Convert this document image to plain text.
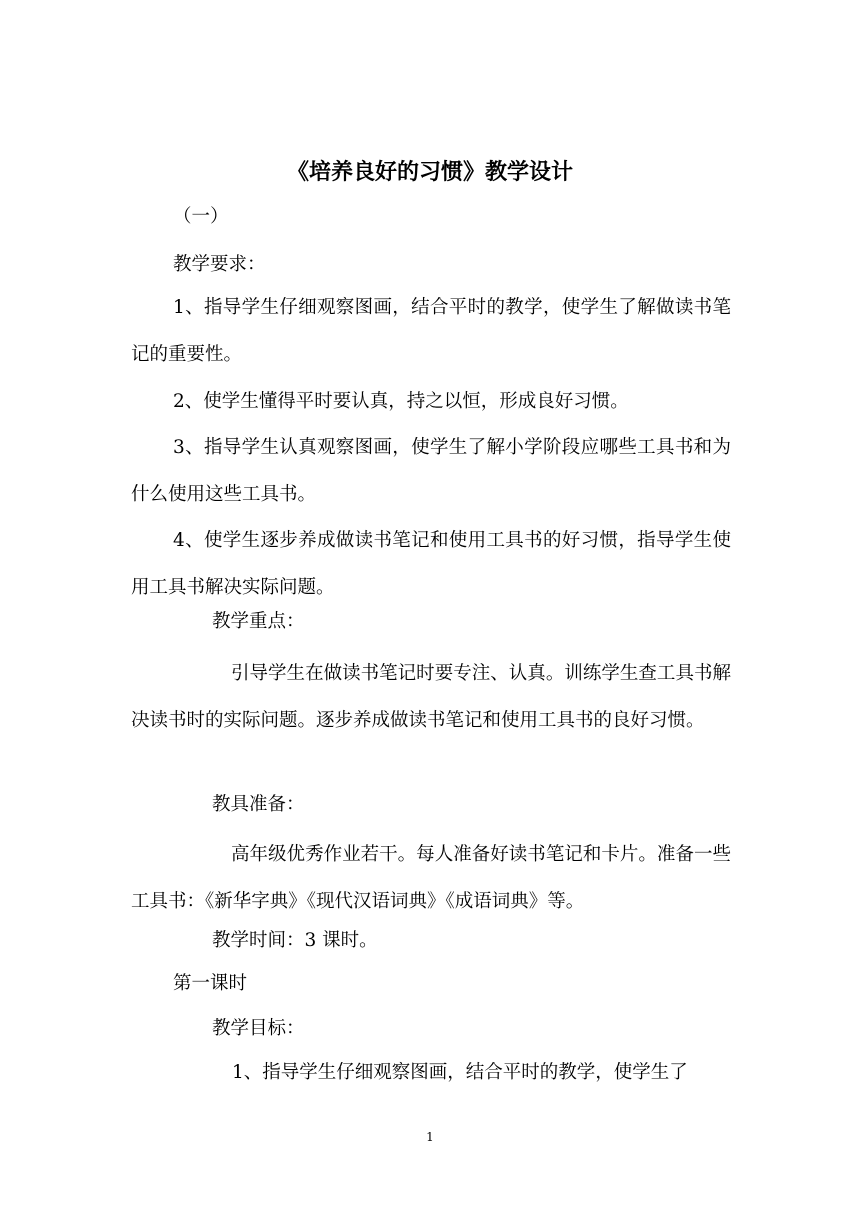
《培养良好的习惯》教学设计
（一）
教学要求：
1、指导学生仔细观察图画，结合平时的教学，使学生了解做读书笔记的重要性。
2、使学生懂得平时要认真，持之以恒，形成良好习惯。
3、指导学生认真观察图画，使学生了解小学阶段应哪些工具书和为什么使用这些工具书。
4、使学生逐步养成做读书笔记和使用工具书的好习惯，指导学生使用工具书解决实际问题。
教学重点：
引导学生在做读书笔记时要专注、认真。训练学生查工具书解决读书时的实际问题。逐步养成做读书笔记和使用工具书的良好习惯。
教具准备：
高年级优秀作业若干。每人准备好读书笔记和卡片。准备一些工具书：《新华字典》《现代汉语词典》《成语词典》等。
教学时间：3 课时。
第一课时
教学目标：
1、指导学生仔细观察图画，结合平时的教学，使学生了
1
